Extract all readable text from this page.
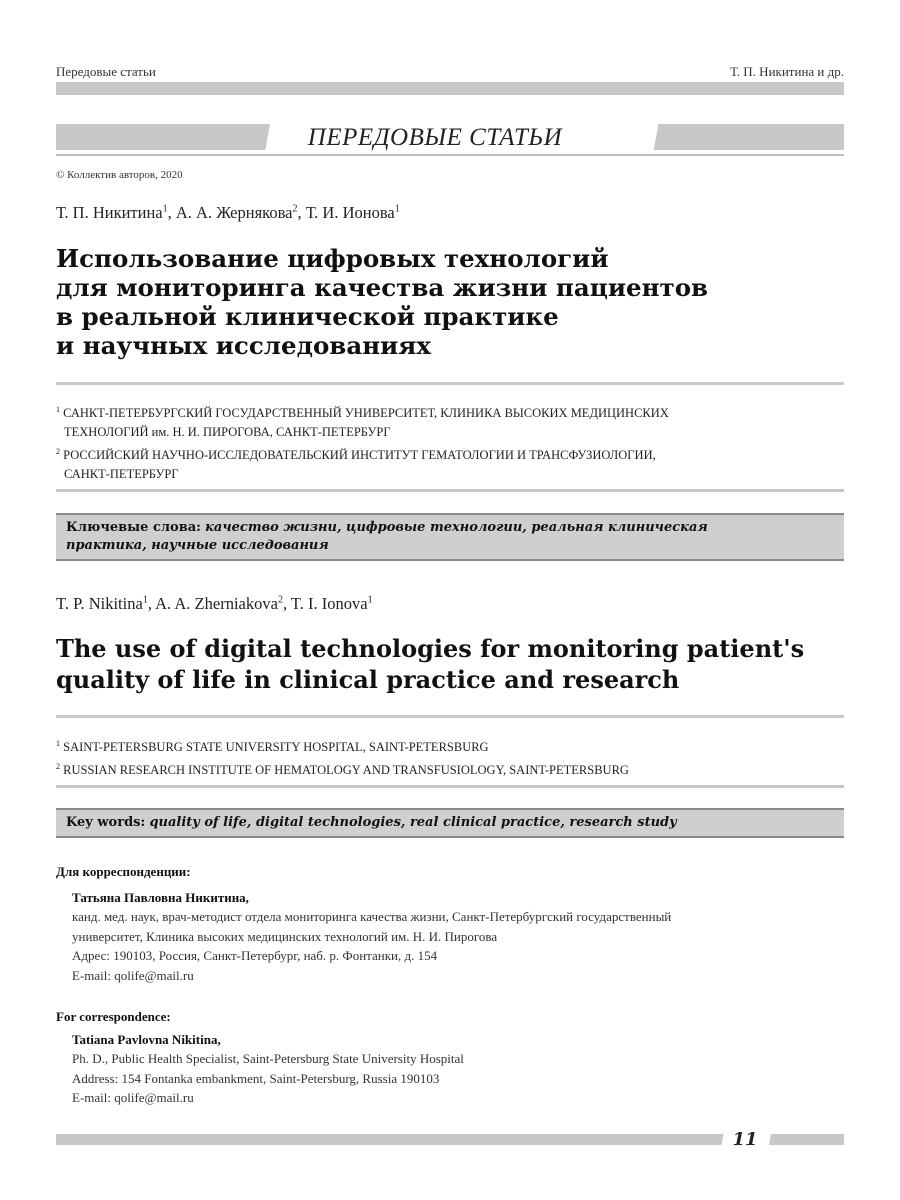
Передовые статьи	Т. П. Никитина и др.
ПЕРЕДОВЫЕ СТАТЬИ
© Коллектив авторов, 2020
Т. П. Никитина$^1$, А. А. Жернякова$^2$, Т. И. Ионова$^1$
Использование цифровых технологий
для мониторинга качества жизни пациентов
в реальной клинической практике
и научных исследованиях
$^1$ САНКТ-ПЕТЕРБУРГСКИЙ ГОСУДАРСТВЕННЫЙ УНИВЕРСИТЕТ, КЛИНИКА ВЫСОКИХ МЕДИЦИНСКИХ
ТЕХНОЛОГИЙ им. Н. И. ПИРОГОВА, САНКТ-ПЕТЕРБУРГ
$^2$ РОССИЙСКИЙ НАУЧНО-ИССЛЕДОВАТЕЛЬСКИЙ ИНСТИТУТ ГЕМАТОЛОГИИ И ТРАНСФУЗИОЛОГИИ,
САНКТ-ПЕТЕРБУРГ
Ключевые слова: качество жизни, цифровые технологии, реальная клиническая
практика, научные исследования
T. P. Nikitina$^1$, A. A. Zherniakova$^2$, T. I. Ionova$^1$
The use of digital technologies for monitoring patient's
quality of life in clinical practice and research
$^1$ SAINT-PETERSBURG STATE UNIVERSITY HOSPITAL, SAINT-PETERSBURG
$^2$ RUSSIAN RESEARCH INSTITUTE OF HEMATOLOGY AND TRANSFUSIOLOGY, SAINT-PETERSBURG
Key words: quality of life, digital technologies, real clinical practice, research study
Для корреспонденции:
Татьяна Павловна Никитина,
канд. мед. наук, врач-методист отдела мониторинга качества жизни, Санкт-Петербургский государственный
университет, Клиника высоких медицинских технологий им. Н. И. Пирогова
Адрес: 190103, Россия, Санкт-Петербург, наб. р. Фонтанки, д. 154
E-mail: qolife@mail.ru
For correspondence:
Tatiana Pavlovna Nikitina,
Ph. D., Public Health Specialist, Saint-Petersburg State University Hospital
Address: 154 Fontanka embankment, Saint-Petersburg, Russia 190103
E-mail: qolife@mail.ru
11
